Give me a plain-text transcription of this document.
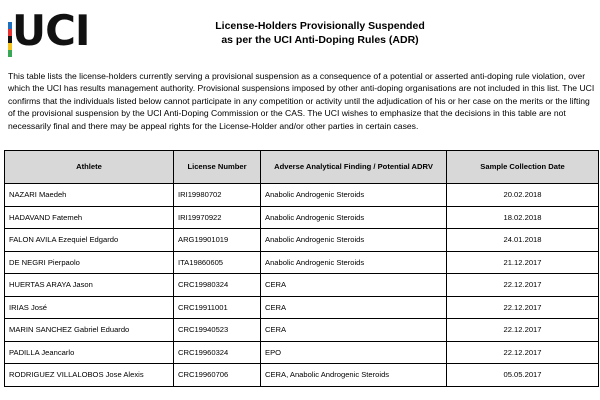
UCI	License-Holders Provisionally Suspended
as per the UCI Anti-Doping Rules (ADR)
This table lists the license-holders currently serving a provisional suspension as a consequence of a potential or asserted anti-doping rule violation, over which the UCI has results management authority. Provisional suspensions imposed by other anti-doping organisations are not included in this list. The UCI confirms that the individuals listed below cannot participate in any competition or activity until the adjudication of his or her case on the merits or the lifting of the provisional suspension by the UCI Anti-Doping Commission or the CAS. The UCI wishes to emphasize that the decisions in this table are not necessarily final and there may be appeal rights for the License-Holder and/or other parties in certain cases.
Athlete	License Number	Adverse Analytical Finding / Potential ADRV	Sample Collection Date
NAZARI Maedeh	IRI19980702	Anabolic Androgenic Steroids	20.02.2018
HADAVAND Fatemeh	IRI19970922	Anabolic Androgenic Steroids	18.02.2018
FALON AVILA Ezequiel Edgardo	ARG19901019	Anabolic Androgenic Steroids	24.01.2018
DE NEGRI Pierpaolo	ITA19860605	Anabolic Androgenic Steroids	21.12.2017
HUERTAS ARAYA Jason	CRC19980324	CERA	22.12.2017
IRIAS José	CRC19911001	CERA	22.12.2017
MARIN SANCHEZ Gabriel Eduardo	CRC19940523	CERA	22.12.2017
PADILLA Jeancarlo	CRC19960324	EPO	22.12.2017
RODRIGUEZ VILLALOBOS Jose Alexis	CRC19960706	CERA, Anabolic Androgenic Steroids	05.05.2017
